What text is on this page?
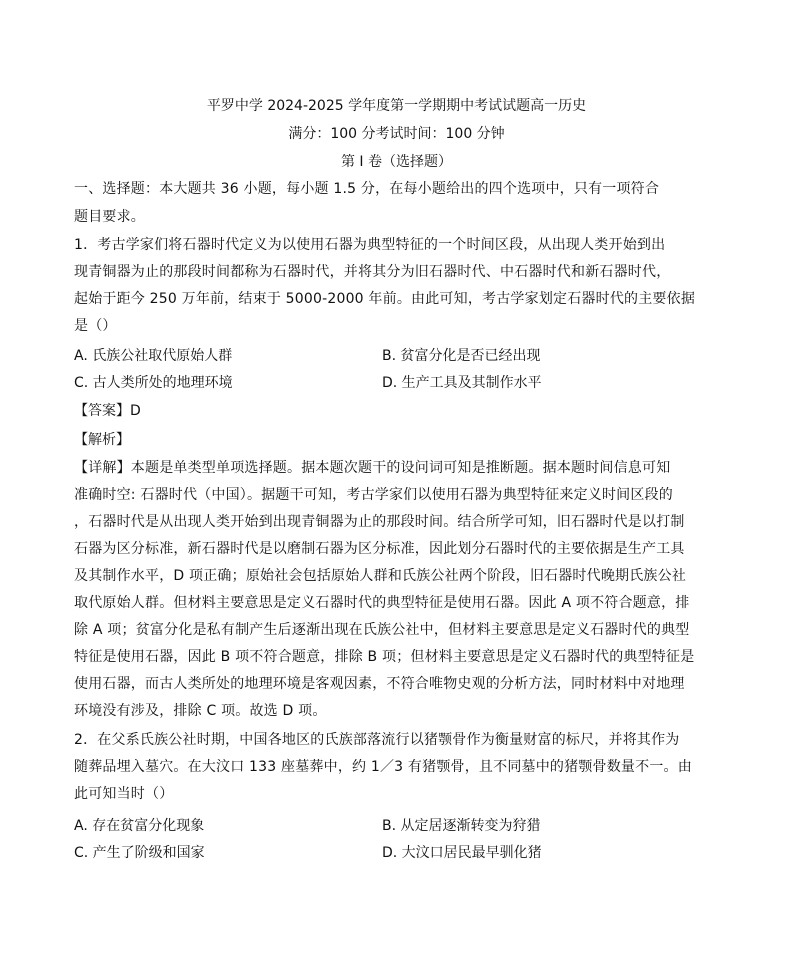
平罗中学 2024-2025 学年度第一学期期中考试试题高一历史
满分：100 分考试时间：100 分钟
第 I 卷（选择题）
一、选择题：本大题共 36 小题，每小题 1.5 分，在每小题给出的四个选项中，只有一项符合
题目要求。
1．考古学家们将石器时代定义为以使用石器为典型特征的一个时间区段，从出现人类开始到出
现青铜器为止的那段时间都称为石器时代，并将其分为旧石器时代、中石器时代和新石器时代，
起始于距今 250 万年前，结束于 5000-2000 年前。由此可知，考古学家划定石器时代的主要依据
是（）
A. 氏族公社取代原始人群	B. 贫富分化是否已经出现
C. 古人类所处的地理环境	D. 生产工具及其制作水平
【答案】D
【解析】
【详解】本题是单类型单项选择题。据本题次题干的设问词可知是推断题。据本题时间信息可知
准确时空: 石器时代（中国）。据题干可知，考古学家们以使用石器为典型特征来定义时间区段的
，石器时代是从出现人类开始到出现青铜器为止的那段时间。结合所学可知，旧石器时代是以打制
石器为区分标准，新石器时代是以磨制石器为区分标准，因此划分石器时代的主要依据是生产工具
及其制作水平，D 项正确；原始社会包括原始人群和氏族公社两个阶段，旧石器时代晚期氏族公社
取代原始人群。但材料主要意思是定义石器时代的典型特征是使用石器。因此 A 项不符合题意，排
除 A 项；贫富分化是私有制产生后逐渐出现在氏族公社中，但材料主要意思是定义石器时代的典型
特征是使用石器，因此 B 项不符合题意，排除 B 项；但材料主要意思是定义石器时代的典型特征是
使用石器，而古人类所处的地理环境是客观因素，不符合唯物史观的分析方法，同时材料中对地理
环境没有涉及，排除 C 项。故选 D 项。
2．在父系氏族公社时期，中国各地区的氏族部落流行以猪颚骨作为衡量财富的标尺，并将其作为
随葬品埋入墓穴。在大汶口 133 座墓葬中，约 1／3 有猪颚骨，且不同墓中的猪颚骨数量不一。由
此可知当时（）
A. 存在贫富分化现象	B. 从定居逐渐转变为狩猎
C. 产生了阶级和国家	D. 大汶口居民最早驯化猪
